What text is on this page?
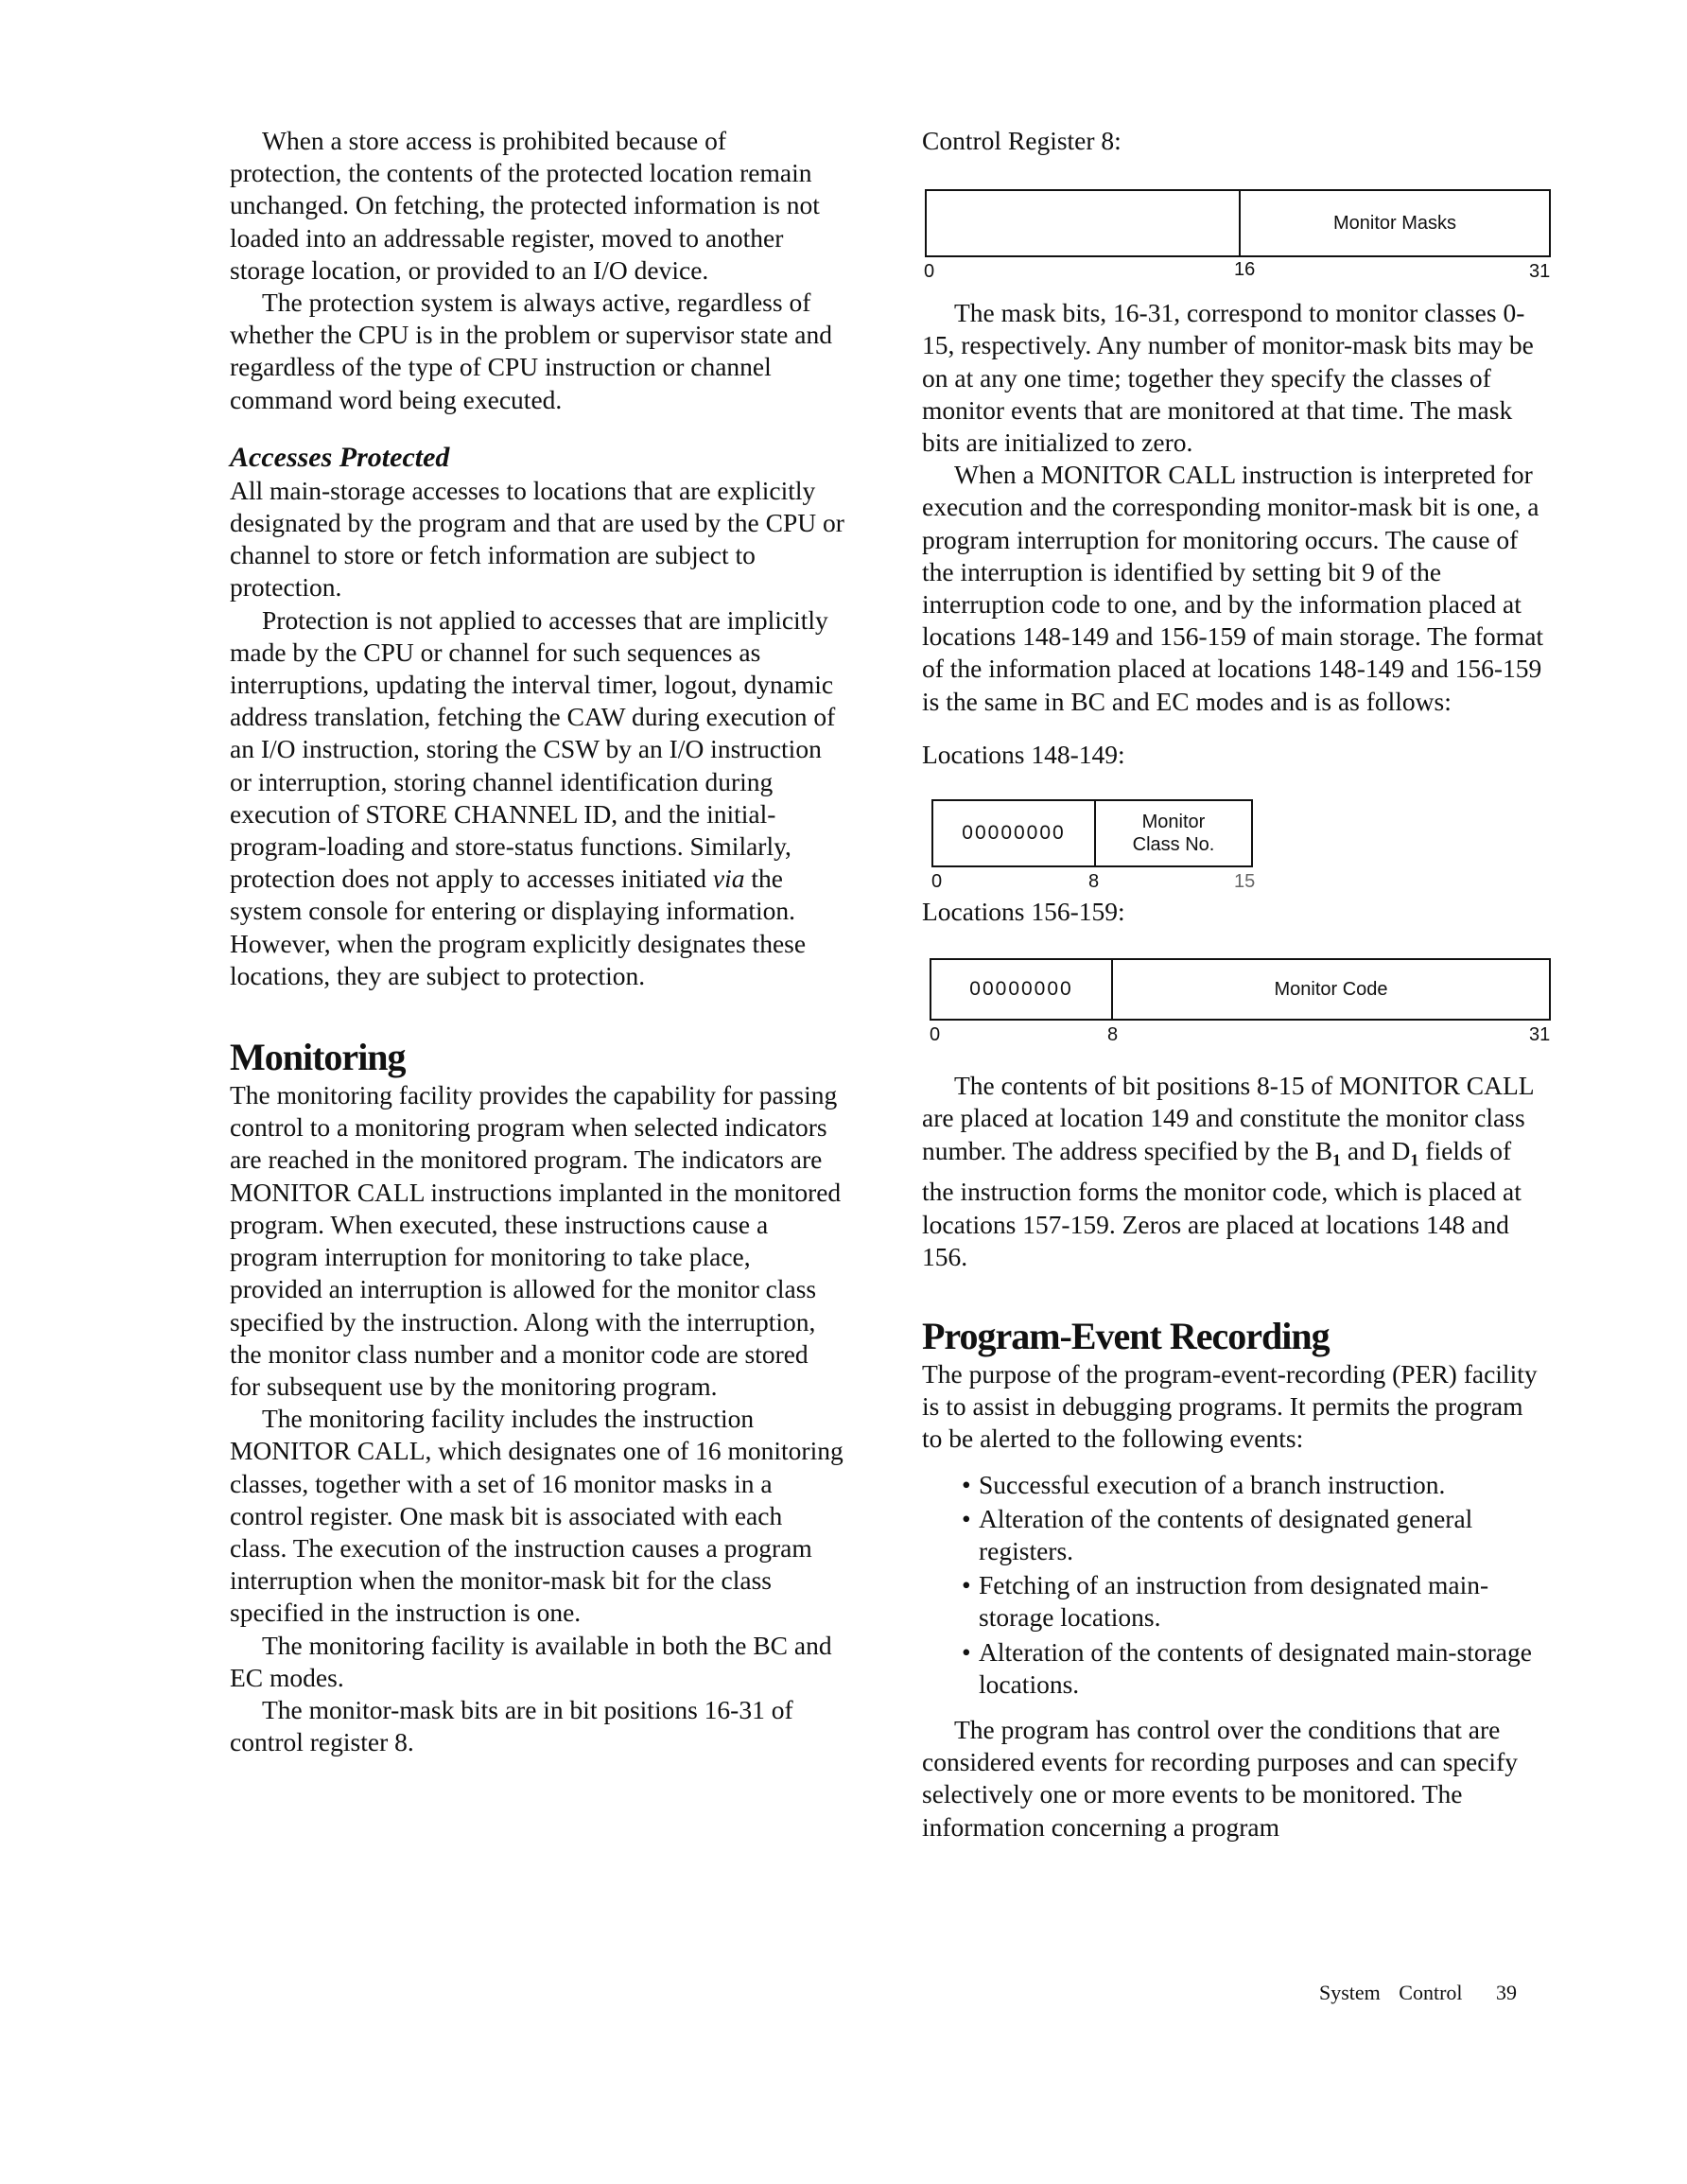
When a store access is prohibited because of protection, the contents of the protected location remain unchanged. On fetching, the protected information is not loaded into an addressable register, moved to another storage location, or provided to an I/O device.

The protection system is always active, regardless of whether the CPU is in the problem or supervisor state and regardless of the type of CPU instruction or channel command word being executed.

Accesses Protected

All main-storage accesses to locations that are explicitly designated by the program and that are used by the CPU or channel to store or fetch information are subject to protection.

Protection is not applied to accesses that are implicitly made by the CPU or channel for such sequences as interruptions, updating the interval timer, logout, dynamic address translation, fetching the CAW during execution of an I/O instruction, storing the CSW by an I/O instruction or interruption, storing channel identification during execution of STORE CHANNEL ID, and the initial-program-loading and store-status functions. Similarly, protection does not apply to accesses initiated via the system console for entering or displaying information. However, when the program explicitly designates these locations, they are subject to protection.

Monitoring

The monitoring facility provides the capability for passing control to a monitoring program when selected indicators are reached in the monitored program. The indicators are MONITOR CALL instructions implanted in the monitored program. When executed, these instructions cause a program interruption for monitoring to take place, provided an interruption is allowed for the monitor class specified by the instruction. Along with the interruption, the monitor class number and a monitor code are stored for subsequent use by the monitoring program.

The monitoring facility includes the instruction MONITOR CALL, which designates one of 16 monitoring classes, together with a set of 16 monitor masks in a control register. One mask bit is associated with each class. The execution of the instruction causes a program interruption when the monitor-mask bit for the class specified in the instruction is one.

The monitoring facility is available in both the BC and EC modes.

The monitor-mask bits are in bit positions 16-31 of control register 8.

Control Register 8:

Monitor Masks
0	16	31

The mask bits, 16-31, correspond to monitor classes 0-15, respectively. Any number of monitor-mask bits may be on at any one time; together they specify the classes of monitor events that are monitored at that time. The mask bits are initialized to zero.

When a MONITOR CALL instruction is interpreted for execution and the corresponding monitor-mask bit is one, a program interruption for monitoring occurs. The cause of the interruption is identified by setting bit 9 of the interruption code to one, and by the information placed at locations 148-149 and 156-159 of main storage. The format of the information placed at locations 148-149 and 156-159 is the same in BC and EC modes and is as follows:

Locations 148-149:

00000000	Monitor
Class No.
0	8	15

Locations 156-159:

00000000	Monitor Code
0	8	31

The contents of bit positions 8-15 of MONITOR CALL are placed at location 149 and constitute the monitor class number. The address specified by the $B_1$ and $D_1$ fields of the instruction forms the monitor code, which is placed at locations 157-159. Zeros are placed at locations 148 and 156.

Program-Event Recording

The purpose of the program-event-recording (PER) facility is to assist in debugging programs. It permits the program to be alerted to the following events:

• Successful execution of a branch instruction.
• Alteration of the contents of designated general registers.
• Fetching of an instruction from designated main-storage locations.
• Alteration of the contents of designated main-storage locations.

The program has control over the conditions that are considered events for recording purposes and can specify selectively one or more events to be monitored. The information concerning a program

System Control 39
